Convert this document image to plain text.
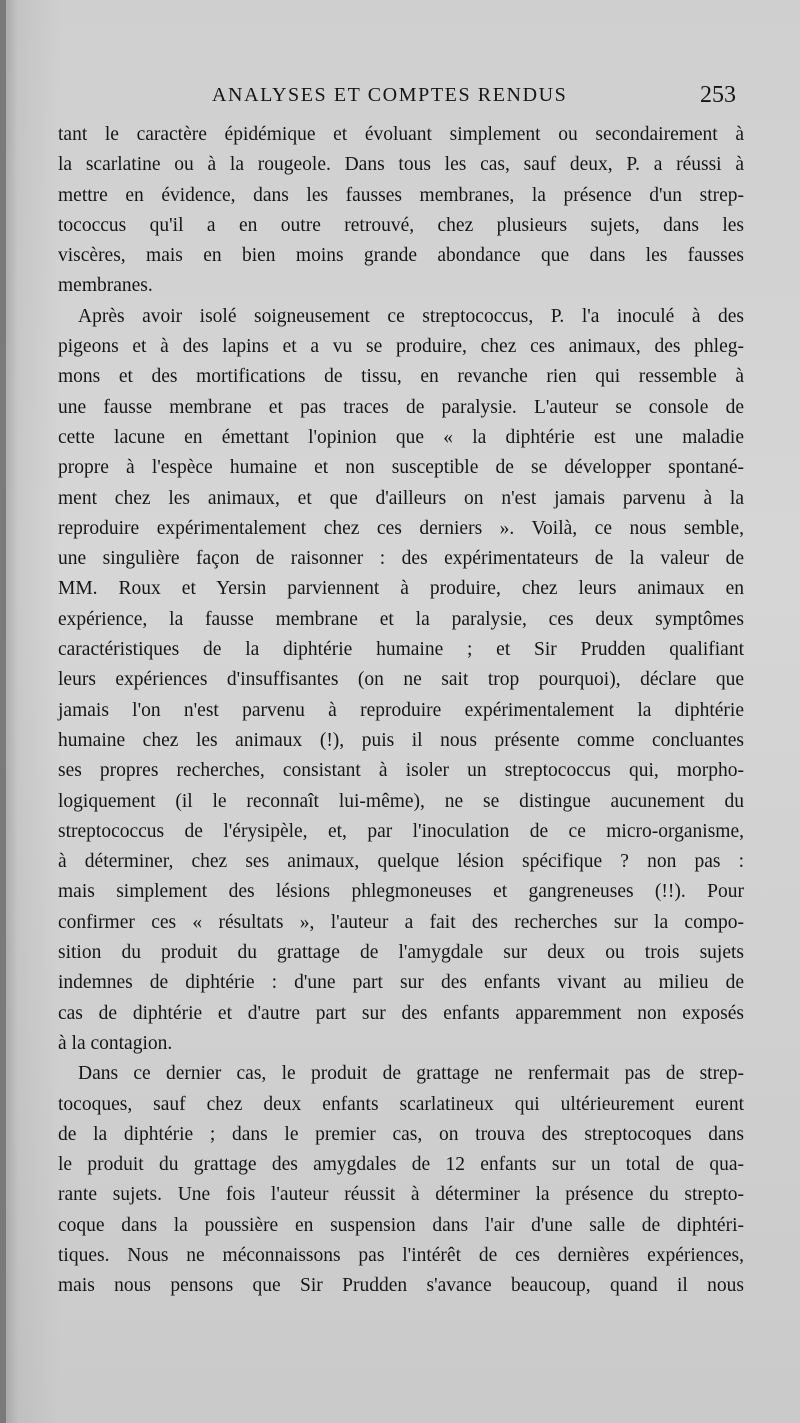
ANALYSES ET COMPTES RENDUS	253
tant le caractère épidémique et évoluant simplement ou secondairement à
la scarlatine ou à la rougeole. Dans tous les cas, sauf deux, P. a réussi à
mettre en évidence, dans les fausses membranes, la présence d'un strep-
tococcus qu'il a en outre retrouvé, chez plusieurs sujets, dans les
viscères, mais en bien moins grande abondance que dans les fausses
membranes.
Après avoir isolé soigneusement ce streptococcus, P. l'a inoculé à des
pigeons et à des lapins et a vu se produire, chez ces animaux, des phleg-
mons et des mortifications de tissu, en revanche rien qui ressemble à
une fausse membrane et pas traces de paralysie. L'auteur se console de
cette lacune en émettant l'opinion que « la diphtérie est une maladie
propre à l'espèce humaine et non susceptible de se développer spontané-
ment chez les animaux, et que d'ailleurs on n'est jamais parvenu à la
reproduire expérimentalement chez ces derniers ». Voilà, ce nous semble,
une singulière façon de raisonner : des expérimentateurs de la valeur de
MM. Roux et Yersin parviennent à produire, chez leurs animaux en
expérience, la fausse membrane et la paralysie, ces deux symptômes
caractéristiques de la diphtérie humaine ; et Sir Prudden qualifiant
leurs expériences d'insuffisantes (on ne sait trop pourquoi), déclare que
jamais l'on n'est parvenu à reproduire expérimentalement la diphtérie
humaine chez les animaux (!), puis il nous présente comme concluantes
ses propres recherches, consistant à isoler un streptococcus qui, morpho-
logiquement (il le reconnaît lui-même), ne se distingue aucunement du
streptococcus de l'érysipèle, et, par l'inoculation de ce micro-organisme,
à déterminer, chez ses animaux, quelque lésion spécifique ? non pas :
mais simplement des lésions phlegmoneuses et gangreneuses (!!). Pour
confirmer ces « résultats », l'auteur a fait des recherches sur la compo-
sition du produit du grattage de l'amygdale sur deux ou trois sujets
indemnes de diphtérie : d'une part sur des enfants vivant au milieu de
cas de diphtérie et d'autre part sur des enfants apparemment non exposés
à la contagion.
Dans ce dernier cas, le produit de grattage ne renfermait pas de strep-
tocoques, sauf chez deux enfants scarlatineux qui ultérieurement eurent
de la diphtérie ; dans le premier cas, on trouva des streptocoques dans
le produit du grattage des amygdales de 12 enfants sur un total de qua-
rante sujets. Une fois l'auteur réussit à déterminer la présence du strepto-
coque dans la poussière en suspension dans l'air d'une salle de diphtéri-
tiques. Nous ne méconnaissons pas l'intérêt de ces dernières expériences,
mais nous pensons que Sir Prudden s'avance beaucoup, quand il nous
